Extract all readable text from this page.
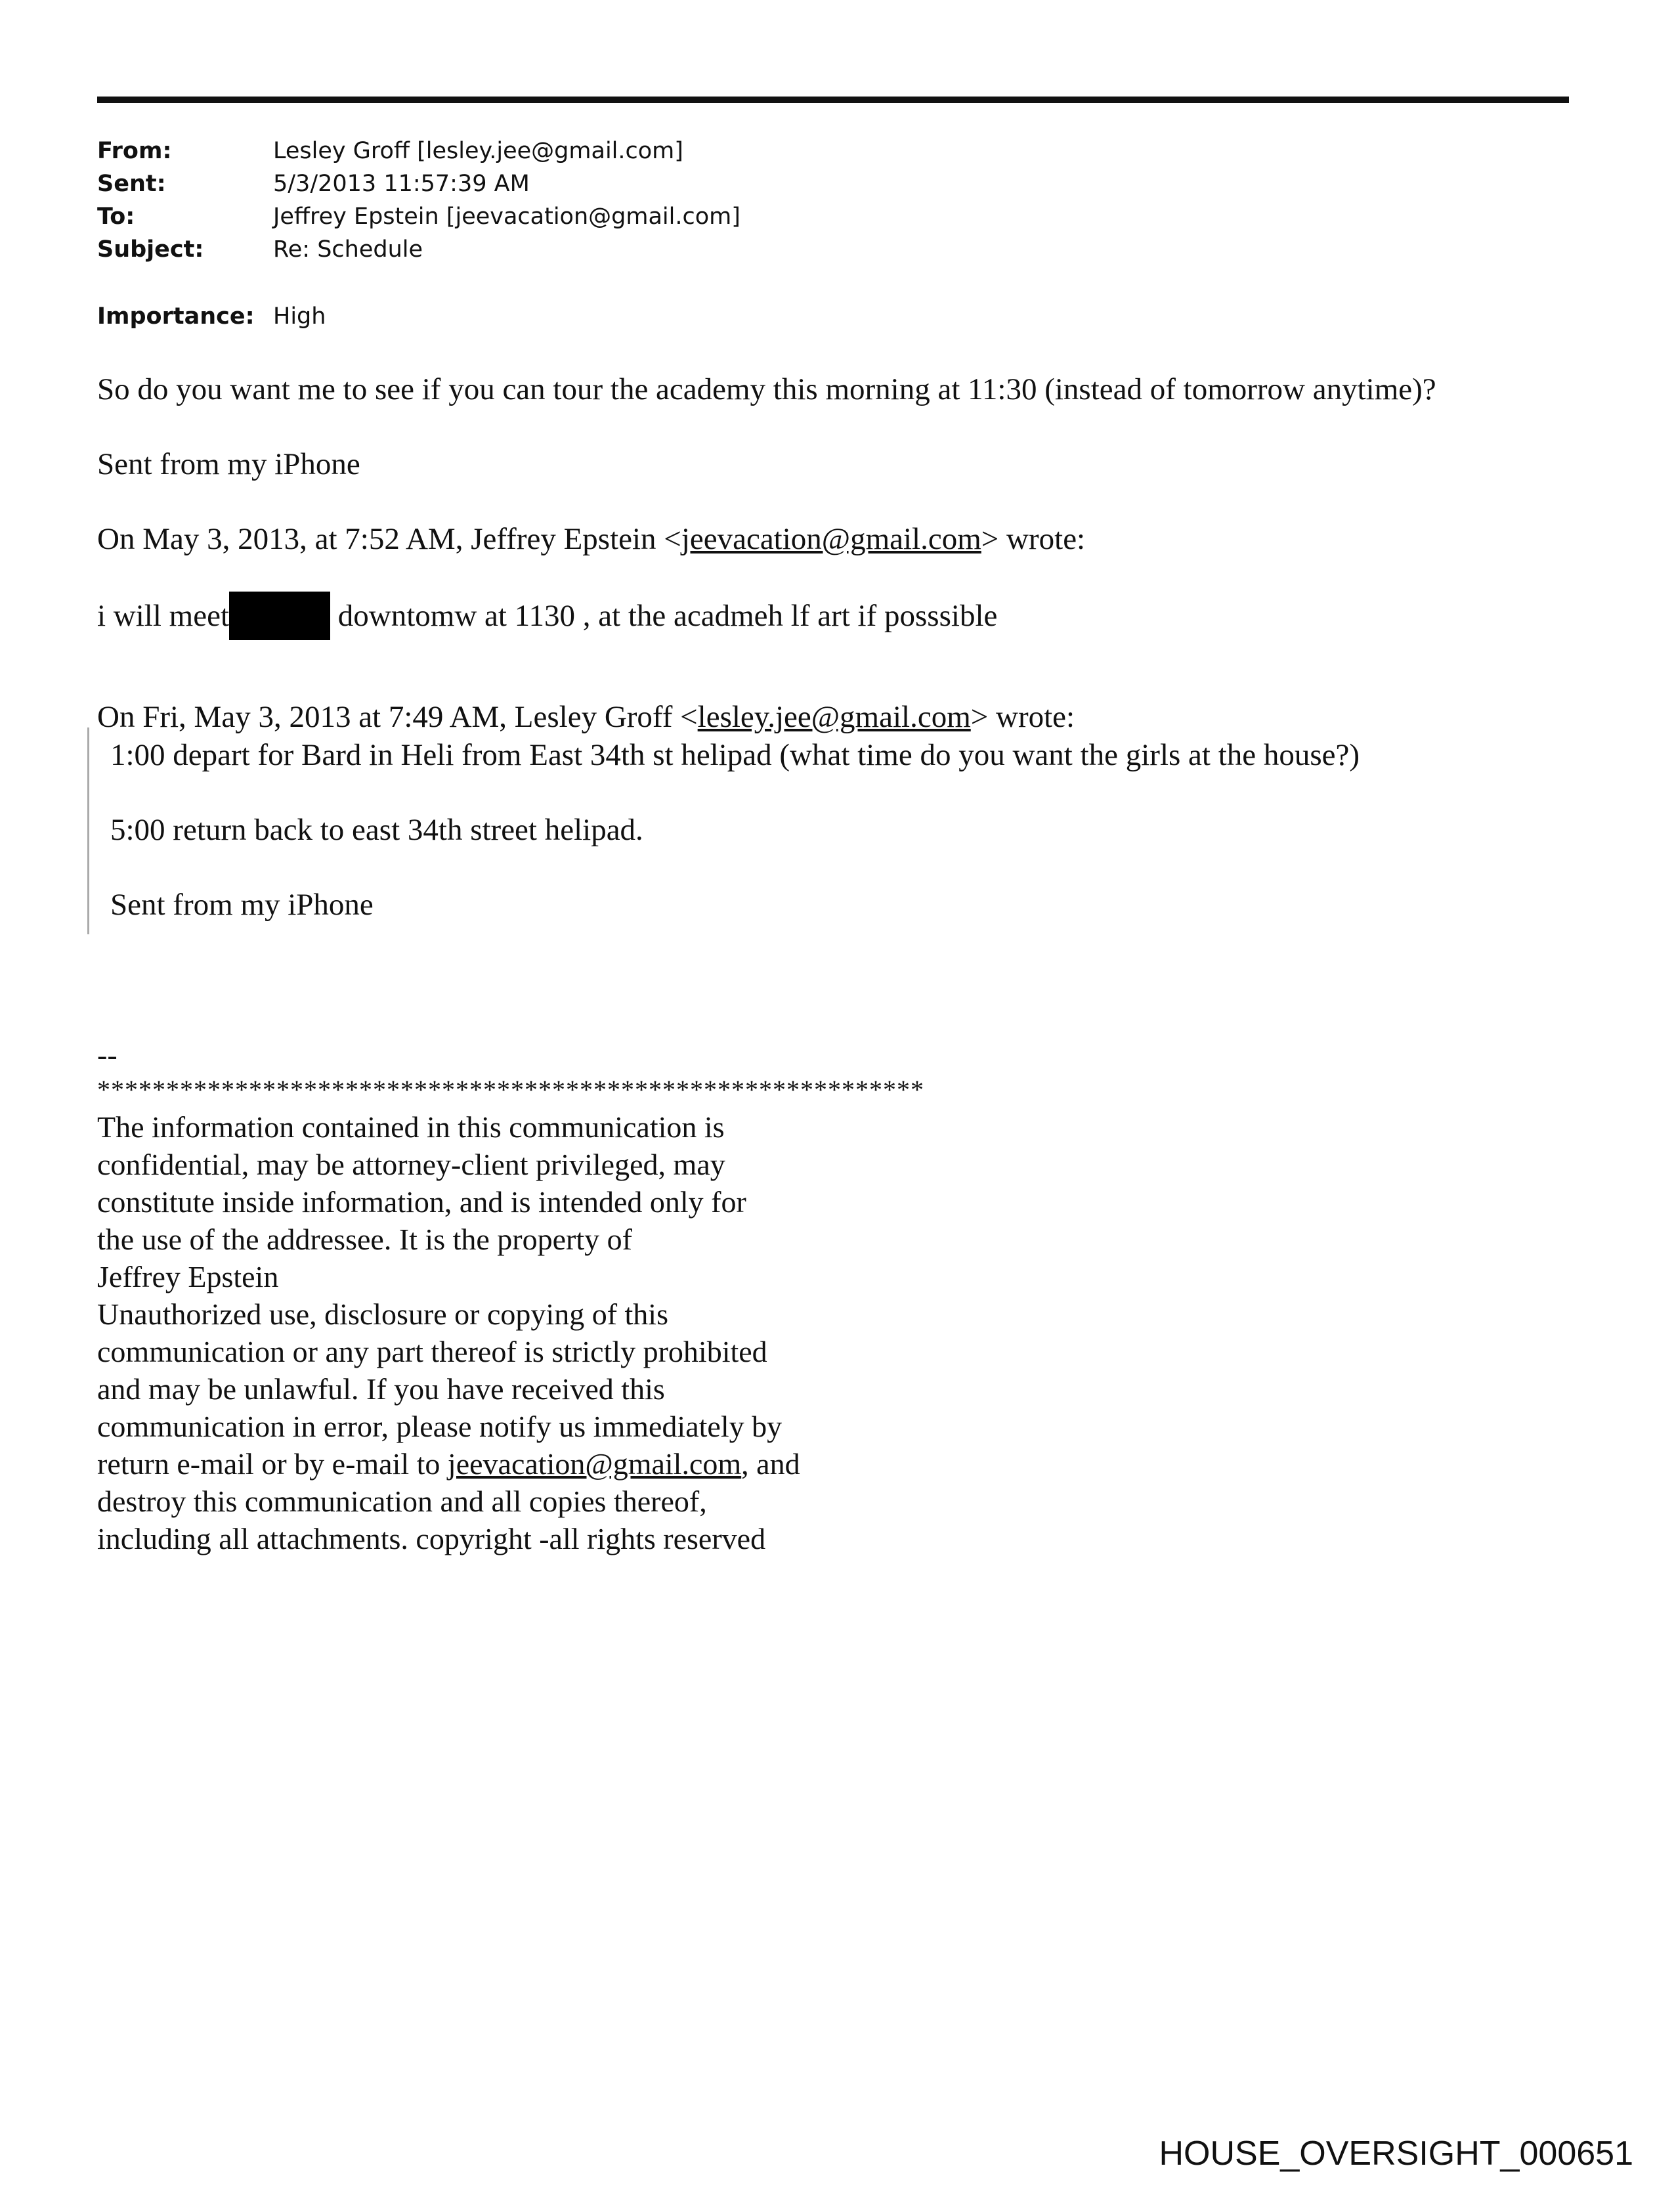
From:	Lesley Groff [lesley.jee@gmail.com]
Sent:	5/3/2013 11:57:39 AM
To:	Jeffrey Epstein [jeevacation@gmail.com]
Subject:	Re: Schedule
Importance: High
So do you want me to see if you can tour the academy this morning at 11:30 (instead of tomorrow anytime)?
Sent from my iPhone
On May 3, 2013, at 7:52 AM, Jeffrey Epstein <jeevacation@gmail.com> wrote:
i will meet	downtomw at 1130 , at the acadmeh lf art if posssible
On Fri, May 3, 2013 at 7:49 AM, Lesley Groff <lesley.jee@gmail.com> wrote:
1:00 depart for Bard in Heli from East 34th st helipad (what time do you want the girls at the house?)
5:00 return back to east 34th street helipad.
Sent from my iPhone
--
************************************************************
The information contained in this communication is
confidential, may be attorney-client privileged, may
constitute inside information, and is intended only for
the use of the addressee. It is the property of
Jeffrey Epstein
Unauthorized use, disclosure or copying of this
communication or any part thereof is strictly prohibited
and may be unlawful. If you have received this
communication in error, please notify us immediately by
return e-mail or by e-mail to jeevacation@gmail.com, and
destroy this communication and all copies thereof,
including all attachments. copyright -all rights reserved
HOUSE_OVERSIGHT_000651
